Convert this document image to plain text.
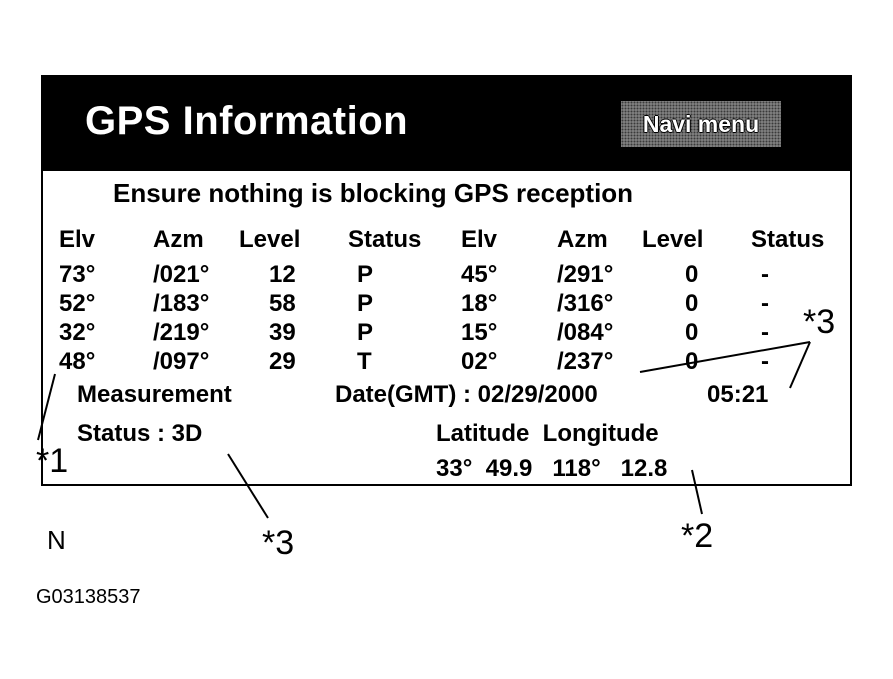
GPS Information	Navi menu
Ensure nothing is blocking GPS reception
Elv Azm Level Status Elv Azm Level Status
73° /021° 12	P	45° /291°	0	-
52° /183° 58	P	18° /316°	0	-
32° /219° 39	P	15° /084°	0	-
48° /097° 29	T	02° /237°	0	-
Measurement	Date(GMT) : 02/29/2000	05:21
Status : 3D	Latitude  Longitude
33°  49.9   118°   12.8
*1
*3	*2
*3
N
G03138537
